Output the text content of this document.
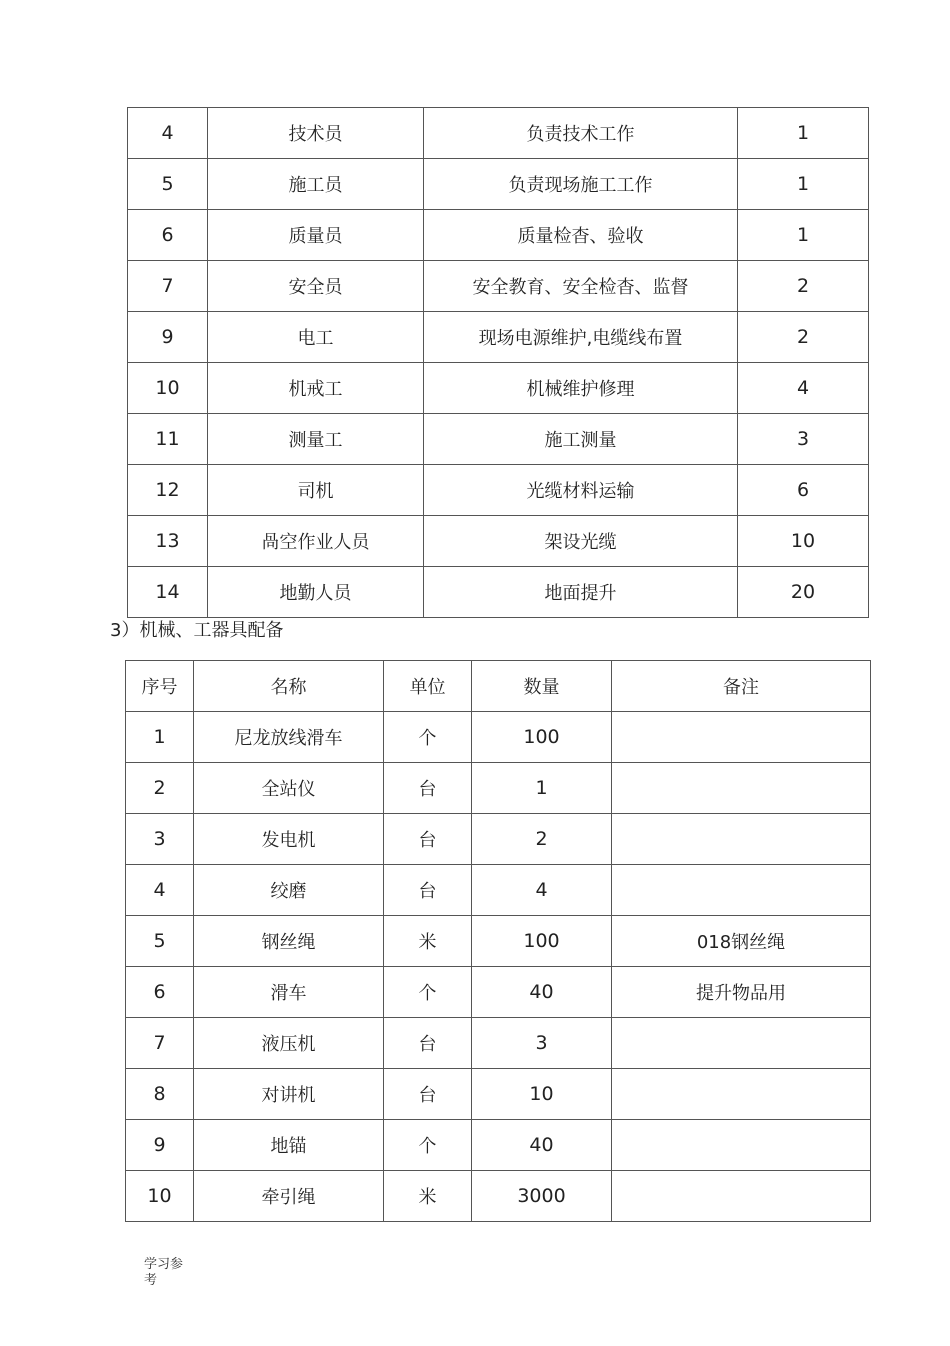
4	技术员	负责技术工作	1
5	施工员	负责现场施工工作	1
6	质量员	质量检杳、验收	1
7	安全员	安全教育、安全检杳、监督	2
9	电工	现场电源维护,电缆线布置	2
10	机戒工	机械维护修理	4
11	测量工	施工测量	3
12	司机	光缆材料运输	6
13	咼空作业人员	架设光缆	10
14	地勤人员	地面提升	20
3）机械、工器具配备
序号	名称	单位	数量	备注
1	尼龙放线滑车	个	100	
2	全站仪	台	1	
3	发电机	台	2	
4	绞磨	台	4	
5	钢丝绳	米	100	018钢丝绳
6	滑车	个	40	提升物品用
7	液压机	台	3	
8	对讲机	台	10	
9	地锚	个	40	
10	牵引绳	米	3000	
学习参考
